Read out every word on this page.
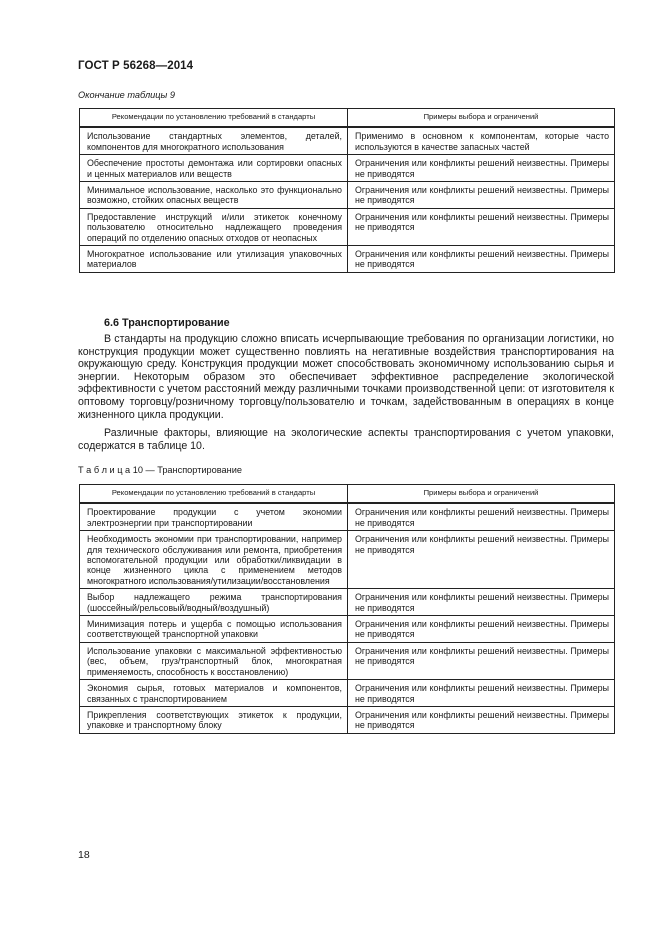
ГОСТ Р 56268—2014
Окончание таблицы 9
Рекомендации по установлению требований в стандарты	Примеры выбора и ограничений
Использование стандартных элементов, деталей, компонентов для многократного использования	Применимо в основном к компонентам, которые часто используются в качестве запасных частей
Обеспечение простоты демонтажа или сортировки опасных и ценных материалов или веществ	Ограничения или конфликты решений неизвестны. Примеры не приводятся
Минимальное использование, насколько это функционально возможно, стойких опасных веществ	Ограничения или конфликты решений неизвестны. Примеры не приводятся
Предоставление инструкций и/или этикеток конечному пользователю относительно надлежащего проведения операций по отделению опасных отходов от неопасных	Ограничения или конфликты решений неизвестны. Примеры не приводятся
Многократное использование или утилизация упаковочных материалов	Ограничения или конфликты решений неизвестны. Примеры не приводятся
6.6 Транспортирование

В стандарты на продукцию сложно вписать исчерпывающие требования по организации логистики, но конструкция продукции может существенно повлиять на негативные воздействия транспортирования на окружающую среду. Конструкция продукции может способствовать экономичному использованию сырья и энергии. Некоторым образом это обеспечивает эффективное распределение экологической эффективности с учетом расстояний между различными точками производственной цепи: от изготовителя к оптовому торговцу/розничному торговцу/пользователю и точкам, задействованным в операциях в конце жизненного цикла продукции.

Различные факторы, влияющие на экологические аспекты транспортирования с учетом упаковки, содержатся в таблице 10.

Т а б л и ц а 10 — Транспортирование
Рекомендации по установлению требований в стандарты	Примеры выбора и ограничений
Проектирование продукции с учетом экономии электроэнергии при транспортировании	Ограничения или конфликты решений неизвестны. Примеры не приводятся
Необходимость экономии при транспортировании, например для технического обслуживания или ремонта, приобретения вспомогательной продукции или обработки/ликвидации в конце жизненного цикла с применением методов многократного использования/утилизации/восстановления	Ограничения или конфликты решений неизвестны. Примеры не приводятся
Выбор надлежащего режима транспортирования (шоссейный/рельсовый/водный/воздушный)	Ограничения или конфликты решений неизвестны. Примеры не приводятся
Минимизация потерь и ущерба с помощью использования соответствующей транспортной упаковки	Ограничения или конфликты решений неизвестны. Примеры не приводятся
Использование упаковки с максимальной эффективностью (вес, объем, груз/транспортный блок, многократная применяемость, способность к восстановлению)	Ограничения или конфликты решений неизвестны. Примеры не приводятся
Экономия сырья, готовых материалов и компонентов, связанных с транспортированием	Ограничения или конфликты решений неизвестны. Примеры не приводятся
Прикрепления соответствующих этикеток к продукции, упаковке и транспортному блоку	Ограничения или конфликты решений неизвестны. Примеры не приводятся
18
